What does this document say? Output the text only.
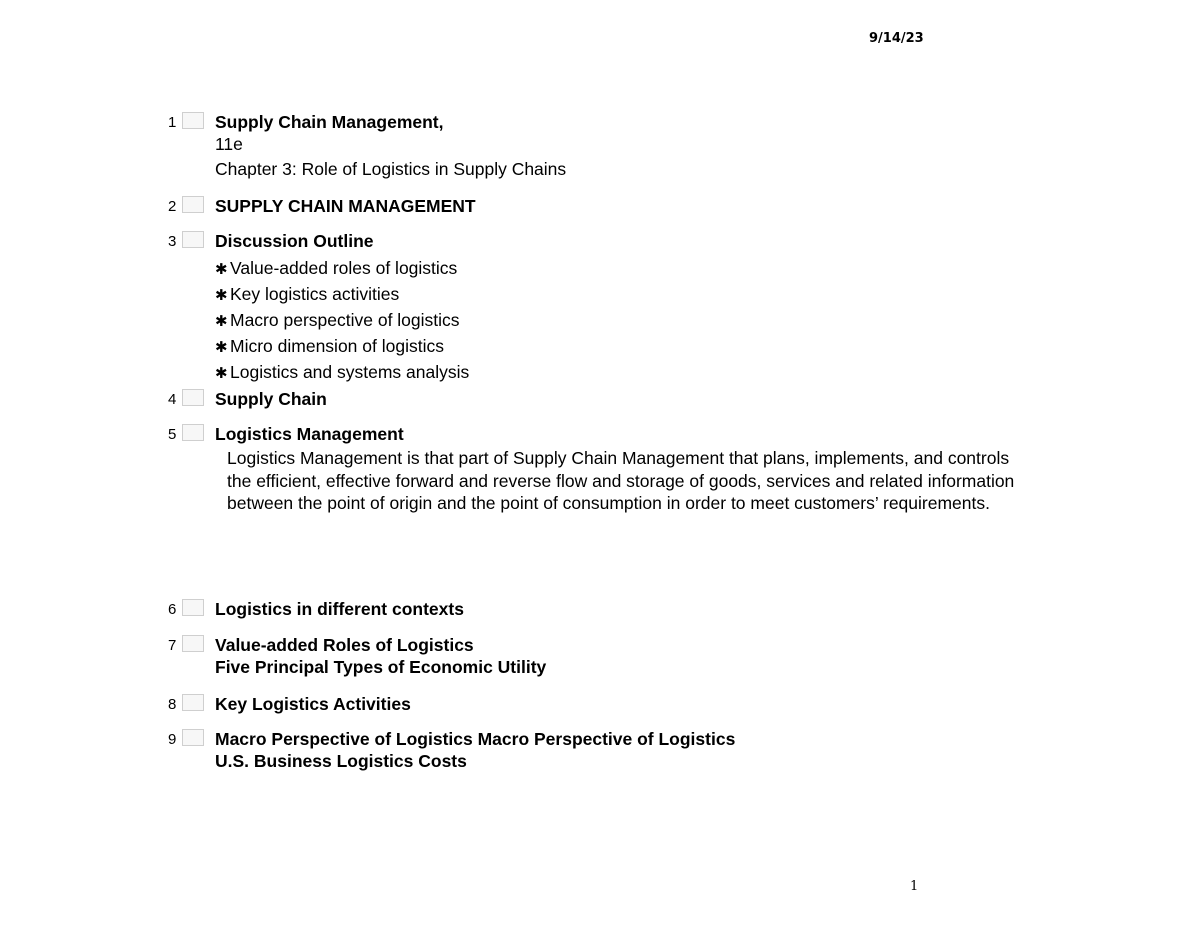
9/14/23
1	Supply Chain Management,
11e
Chapter 3: Role of Logistics in Supply Chains
2	SUPPLY CHAIN MANAGEMENT
3	Discussion Outline
✱ Value-added roles of logistics
✱ Key logistics activities
✱ Macro perspective of logistics
✱ Micro dimension of logistics
✱ Logistics and systems analysis
4	Supply Chain
5	Logistics Management
Logistics Management is that part of Supply Chain Management that plans, implements, and controls the efficient, effective forward and reverse flow and storage of goods, services and related information between the point of origin and the point of consumption in order to meet customers’ requirements.
6	Logistics in different contexts
7	Value-added Roles of Logistics
Five Principal Types of Economic Utility
8	Key Logistics Activities
9	Macro Perspective of Logistics Macro Perspective of Logistics
U.S. Business Logistics Costs
1
